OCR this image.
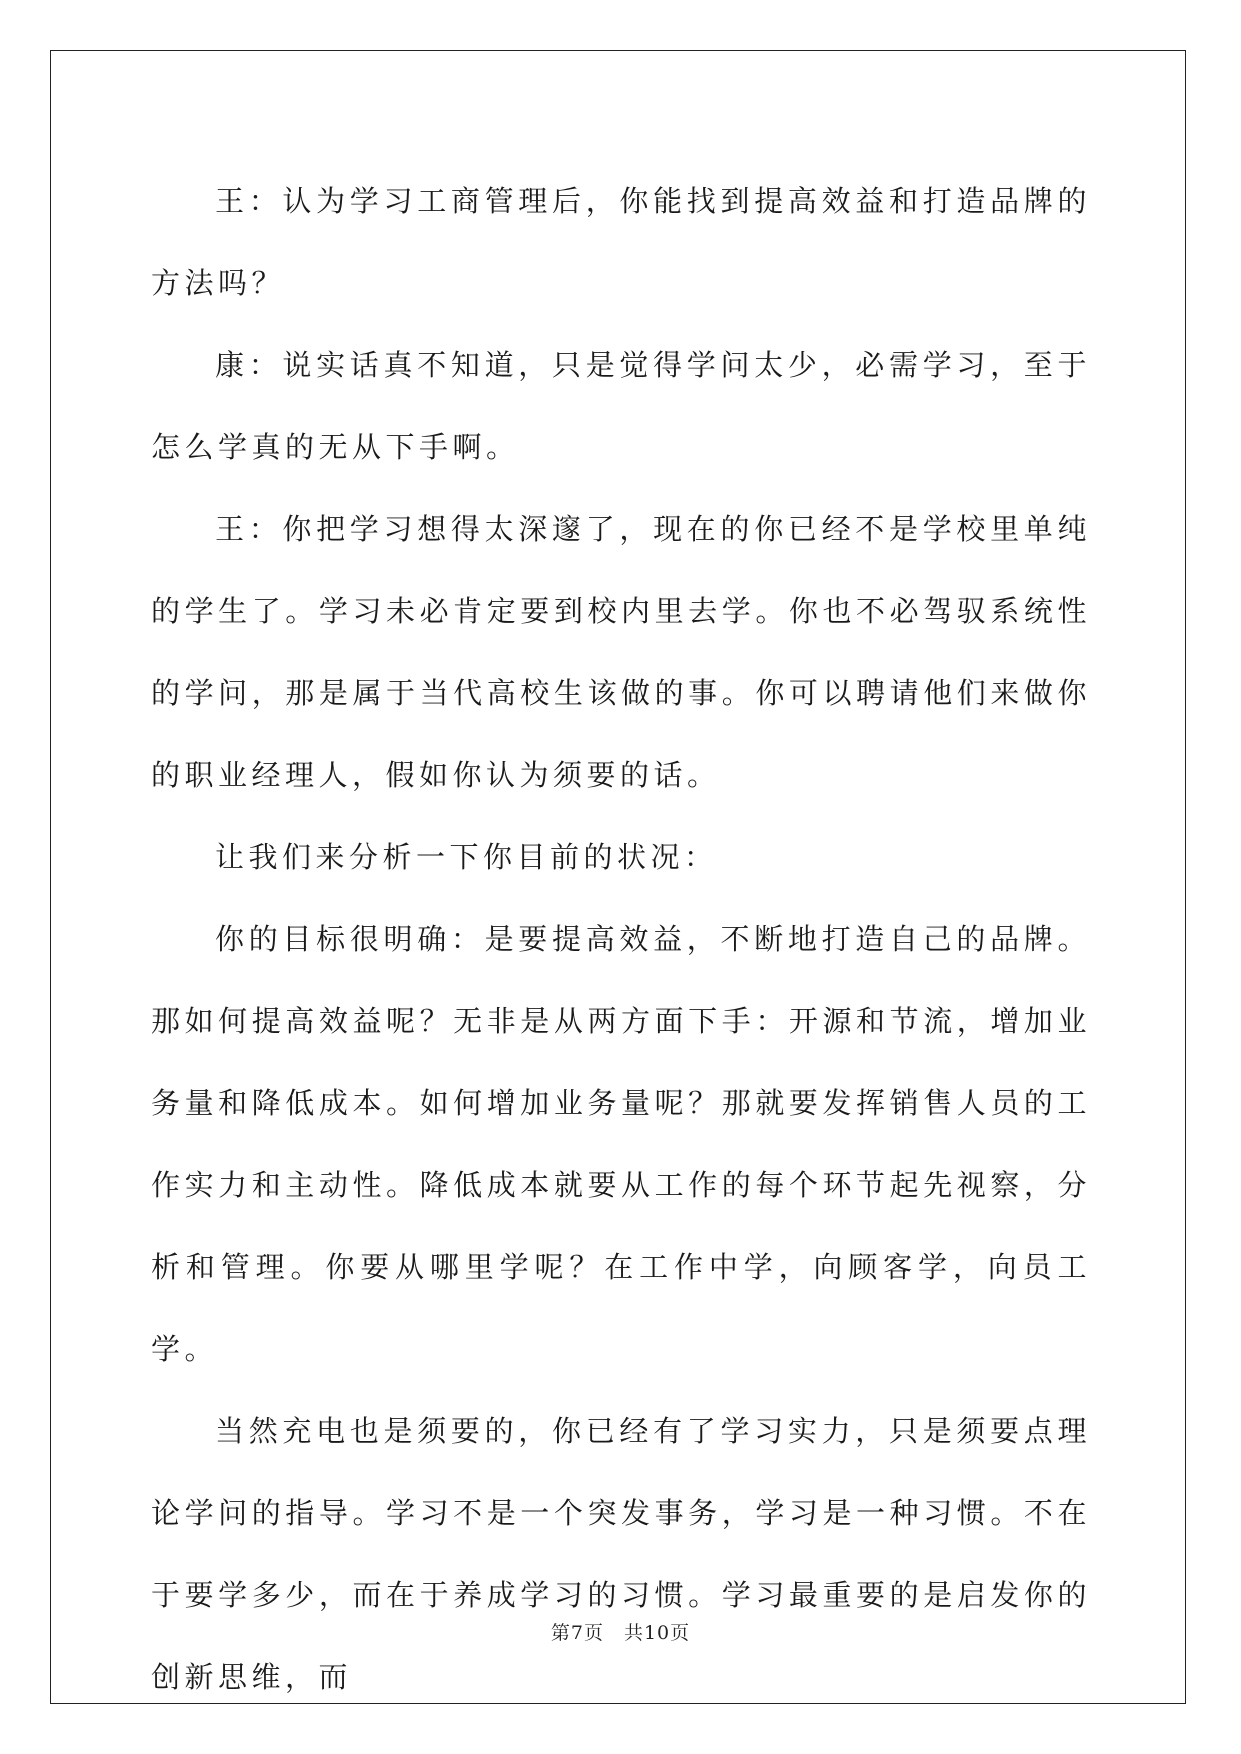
王：认为学习工商管理后，你能找到提高效益和打造品牌的方法吗？

康：说实话真不知道，只是觉得学问太少，必需学习，至于怎么学真的无从下手啊。

王：你把学习想得太深邃了，现在的你已经不是学校里单纯的学生了。学习未必肯定要到校内里去学。你也不必驾驭系统性的学问，那是属于当代高校生该做的事。你可以聘请他们来做你的职业经理人，假如你认为须要的话。

让我们来分析一下你目前的状况：

你的目标很明确：是要提高效益，不断地打造自己的品牌。那如何提高效益呢？无非是从两方面下手：开源和节流，增加业务量和降低成本。如何增加业务量呢？那就要发挥销售人员的工作实力和主动性。降低成本就要从工作的每个环节起先视察，分析和管理。你要从哪里学呢？在工作中学，向顾客学，向员工学。

当然充电也是须要的，你已经有了学习实力，只是须要点理论学问的指导。学习不是一个突发事务，学习是一种习惯。不在于要学多少，而在于养成学习的习惯。学习最重要的是启发你的创新思维，而

第7页　共10页
